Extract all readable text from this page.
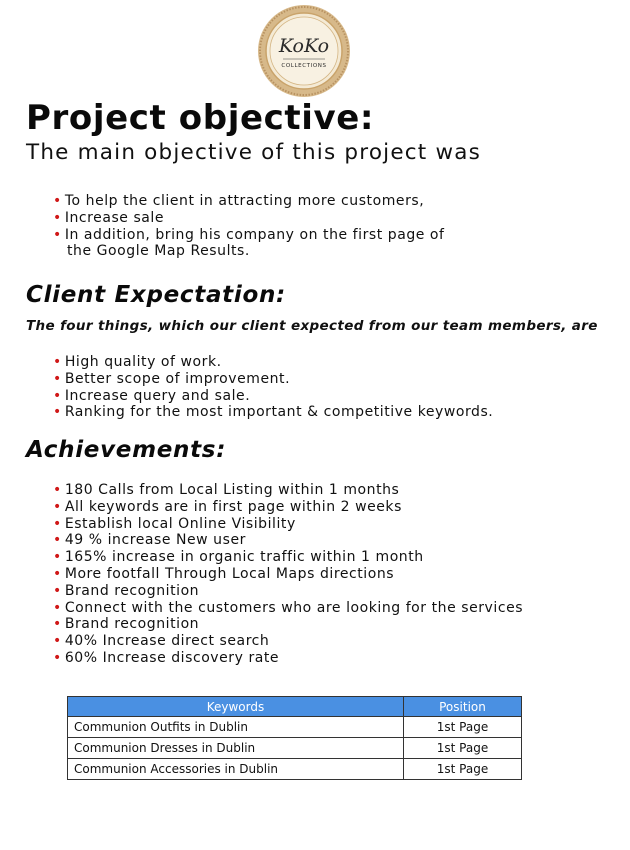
KoKo
COLLECTIONS
Project objective:
The main objective of this project was
• To help the client in attracting more customers,
• Increase sale
• In addition, bring his company on the first page of
the Google Map Results.
Client Expectation:
The four things, which our client expected from our team members, are
• High quality of work.
• Better scope of improvement.
• Increase query and sale.
• Ranking for the most important & competitive keywords.
Achievements:
• 180 Calls from Local Listing within 1 months
• All keywords are in first page within 2 weeks
• Establish local Online Visibility
• 49 % increase New user
• 165% increase in organic traffic within 1 month
• More footfall Through Local Maps directions
• Brand recognition
• Connect with the customers who are looking for the services
• Brand recognition
• 40% Increase direct search
• 60% Increase discovery rate
Keywords	Position
Communion Outfits in Dublin	1st Page
Communion Dresses in Dublin	1st Page
Communion Accessories in Dublin	1st Page
